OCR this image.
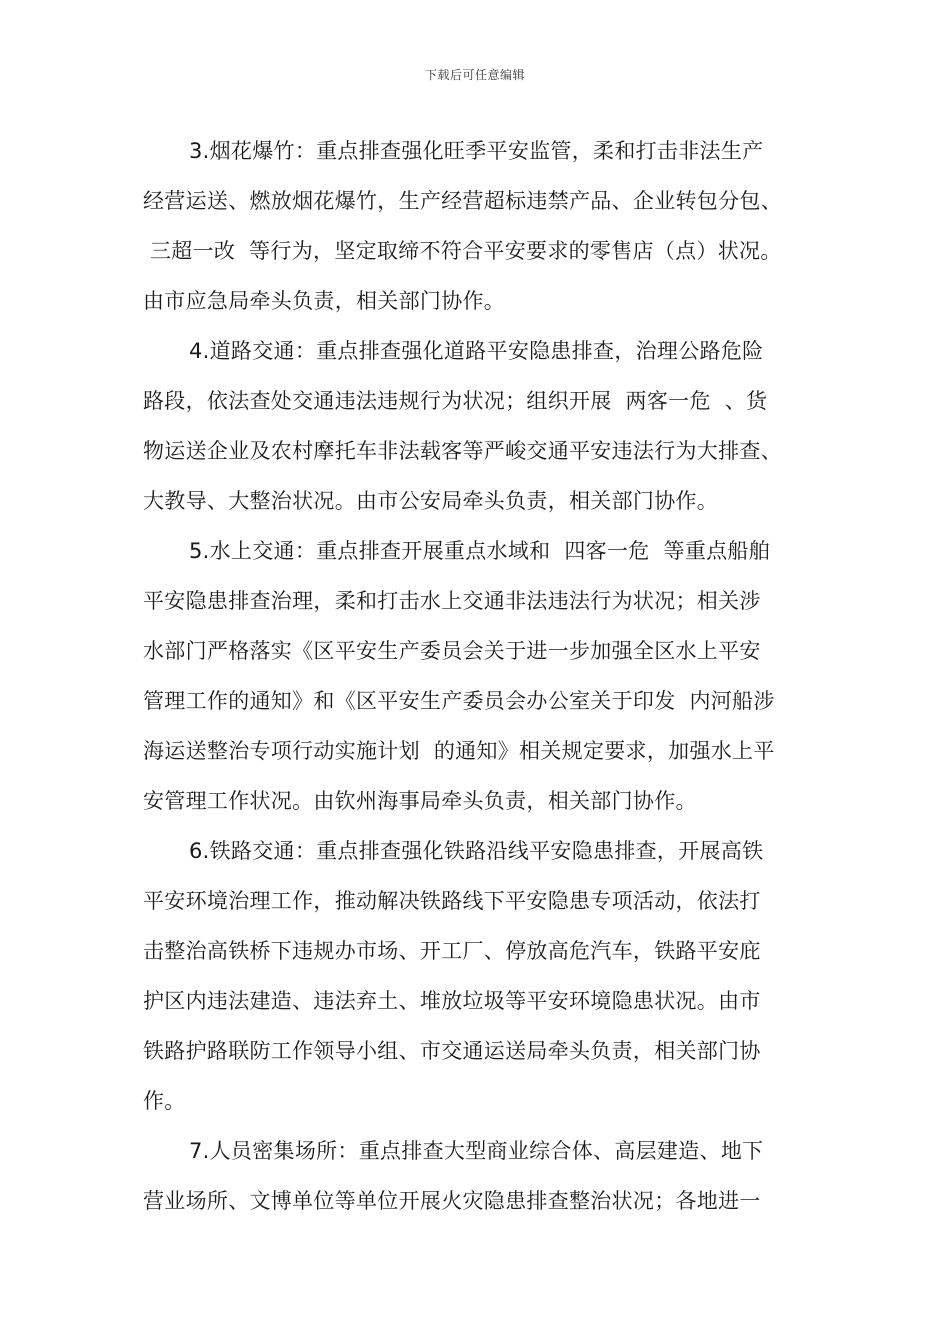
下载后可任意编辑
3.烟花爆竹：重点排查强化旺季平安监管，柔和打击非法生产
经营运送、燃放烟花爆竹，生产经营超标违禁产品、企业转包分包、
三超一改  等行为，坚定取缔不符合平安要求的零售店（点）状况。
由市应急局牵头负责，相关部门协作。
4.道路交通：重点排查强化道路平安隐患排查，治理公路危险
路段，依法查处交通违法违规行为状况；组织开展  两客一危  、货
物运送企业及农村摩托车非法载客等严峻交通平安违法行为大排查、
大教导、大整治状况。由市公安局牵头负责，相关部门协作。
5.水上交通：重点排查开展重点水域和  四客一危  等重点船舶
平安隐患排查治理，柔和打击水上交通非法违法行为状况；相关涉
水部门严格落实《区平安生产委员会关于进一步加强全区水上平安
管理工作的通知》和《区平安生产委员会办公室关于印发  内河船涉
海运送整治专项行动实施计划  的通知》相关规定要求，加强水上平
安管理工作状况。由钦州海事局牵头负责，相关部门协作。
6.铁路交通：重点排查强化铁路沿线平安隐患排查，开展高铁
平安环境治理工作，推动解决铁路线下平安隐患专项活动，依法打
击整治高铁桥下违规办市场、开工厂、停放高危汽车，铁路平安庇
护区内违法建造、违法弃土、堆放垃圾等平安环境隐患状况。由市
铁路护路联防工作领导小组、市交通运送局牵头负责，相关部门协
作。
7.人员密集场所：重点排查大型商业综合体、高层建造、地下
营业场所、文博单位等单位开展火灾隐患排查整治状况；各地进一
